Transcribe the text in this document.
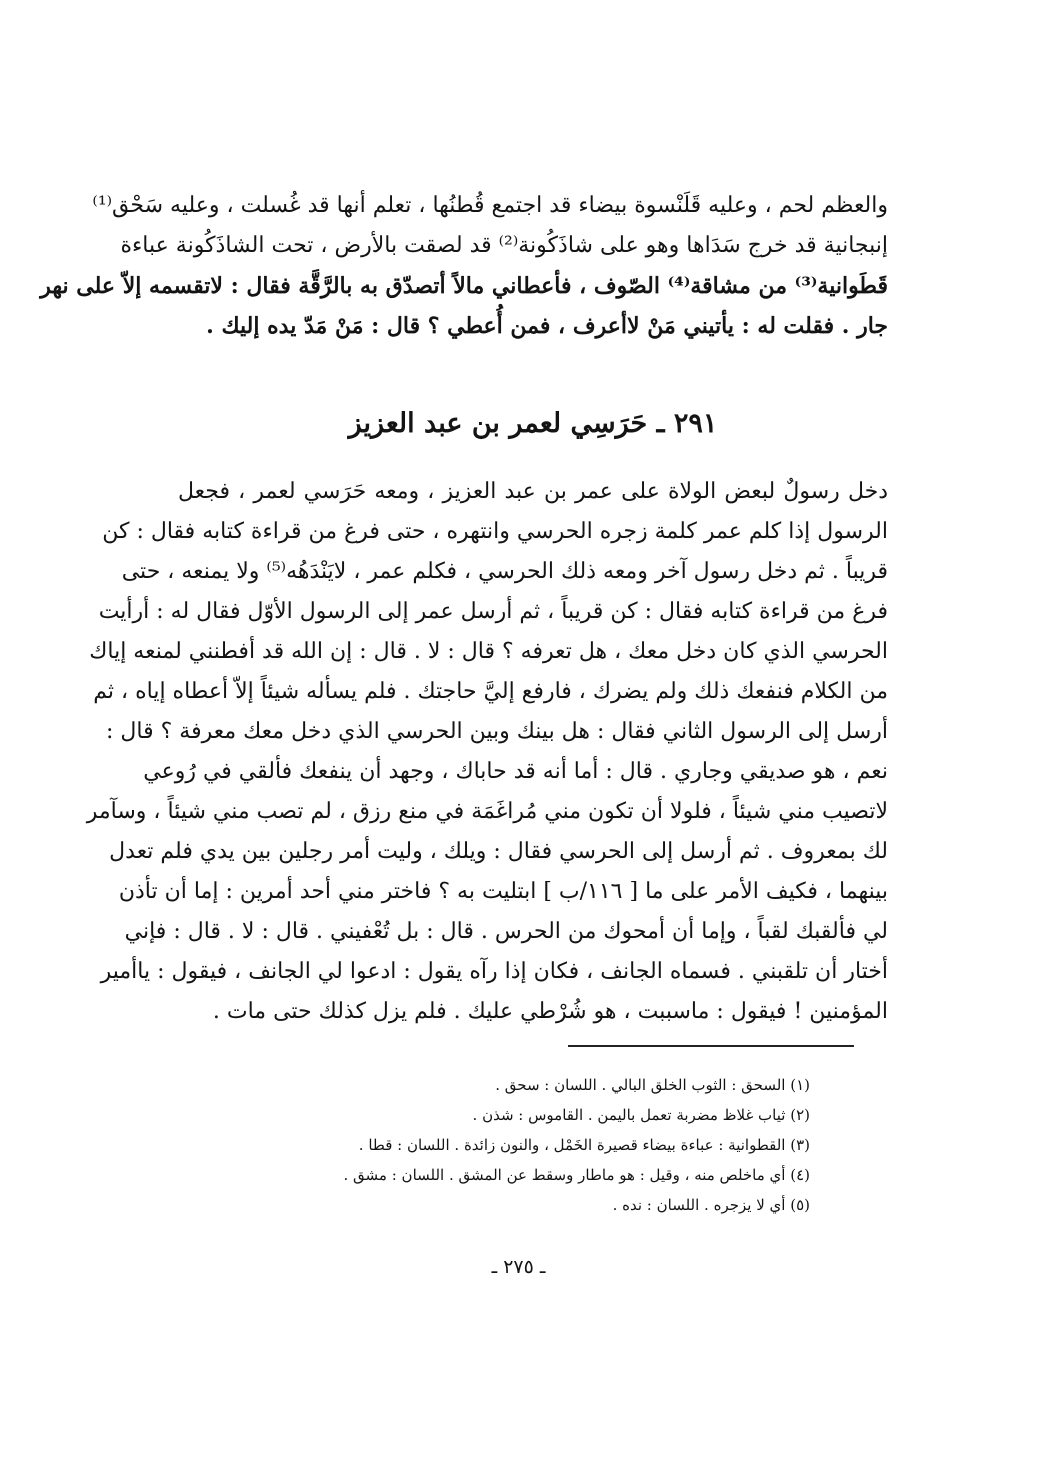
والعظم لحم ، وعليه قَلَنْسوة بيضاء قد اجتمع قُطنُها ، تعلم أنها قد غُسلت ، وعليه سَحْق⁽¹⁾

إنبجانية قد خرج سَدَاها وهو على شاذَكُونة⁽²⁾ قد لصقت بالأرض ، تحت الشاذَكُونة عباءة

قَطَوانية⁽³⁾ من مشاقة⁽⁴⁾ الصّوف ، فأعطاني مالاً أتصدّق به بالرَّقَّة فقال : لاتقسمه إلاّ على نهر

جار . فقلت له : يأتيني مَنْ لاأعرف ، فمن أُعطي ؟ قال : مَنْ مَدّ يده إليك .

٢٩١ ـ حَرَسِي لعمر بن عبد العزيز

دخل رسولٌ لبعض الولاة على عمر بن عبد العزيز ، ومعه حَرَسي لعمر ، فجعل

الرسول إذا كلم عمر كلمة زجره الحرسي وانتهره ، حتى فرغ من قراءة كتابه فقال : كن

قريباً . ثم دخل رسول آخر ومعه ذلك الحرسي ، فكلم عمر ، لايَنْدَهُه⁽⁵⁾ ولا يمنعه ، حتى

فرغ من قراءة كتابه فقال : كن قريباً ، ثم أرسل عمر إلى الرسول الأوّل فقال له : أرأيت

الحرسي الذي كان دخل معك ، هل تعرفه ؟ قال : لا . قال : إن الله قد أفطنني لمنعه إياك

من الكلام فنفعك ذلك ولم يضرك ، فارفع إليَّ حاجتك . فلم يسأله شيئاً إلاّ أعطاه إياه ، ثم

أرسل إلى الرسول الثاني فقال : هل بينك وبين الحرسي الذي دخل معك معرفة ؟ قال :

نعم ، هو صديقي وجاري . قال : أما أنه قد حاباك ، وجهد أن ينفعك فألقي في رُوعي

لاتصيب مني شيئاً ، فلولا أن تكون مني مُراغَمَة في منع رزق ، لم تصب مني شيئاً ، وسآمر

لك بمعروف . ثم أرسل إلى الحرسي فقال : ويلك ، وليت أمر رجلين بين يدي فلم تعدل

بينهما ، فكيف الأمر على ما [ ١١٦/ب ] ابتليت به ؟ فاختر مني أحد أمرين : إما أن تأذن

لي فألقبك لقباً ، وإما أن أمحوك من الحرس . قال : بل تُعْفيني . قال : لا . قال : فإني

أختار أن تلقبني . فسماه الجانف ، فكان إذا رآه يقول : ادعوا لي الجانف ، فيقول : ياأمير

المؤمنين ! فيقول : ماسببت ، هو شُرْطي عليك . فلم يزل كذلك حتى مات .

(١) السحق : الثوب الخلق البالي . اللسان : سحق .

(٢) ثياب غلاظ مضربة تعمل باليمن . القاموس : شذن .

(٣) القطوانية : عباءة بيضاء قصيرة الخَمْل ، والنون زائدة . اللسان : قطا .

(٤) أي ماخلص منه ، وقيل : هو ماطار وسقط عن المشق . اللسان : مشق .

(٥) أي لا يزجره . اللسان : نده .

ـ ٢٧٥ ـ
